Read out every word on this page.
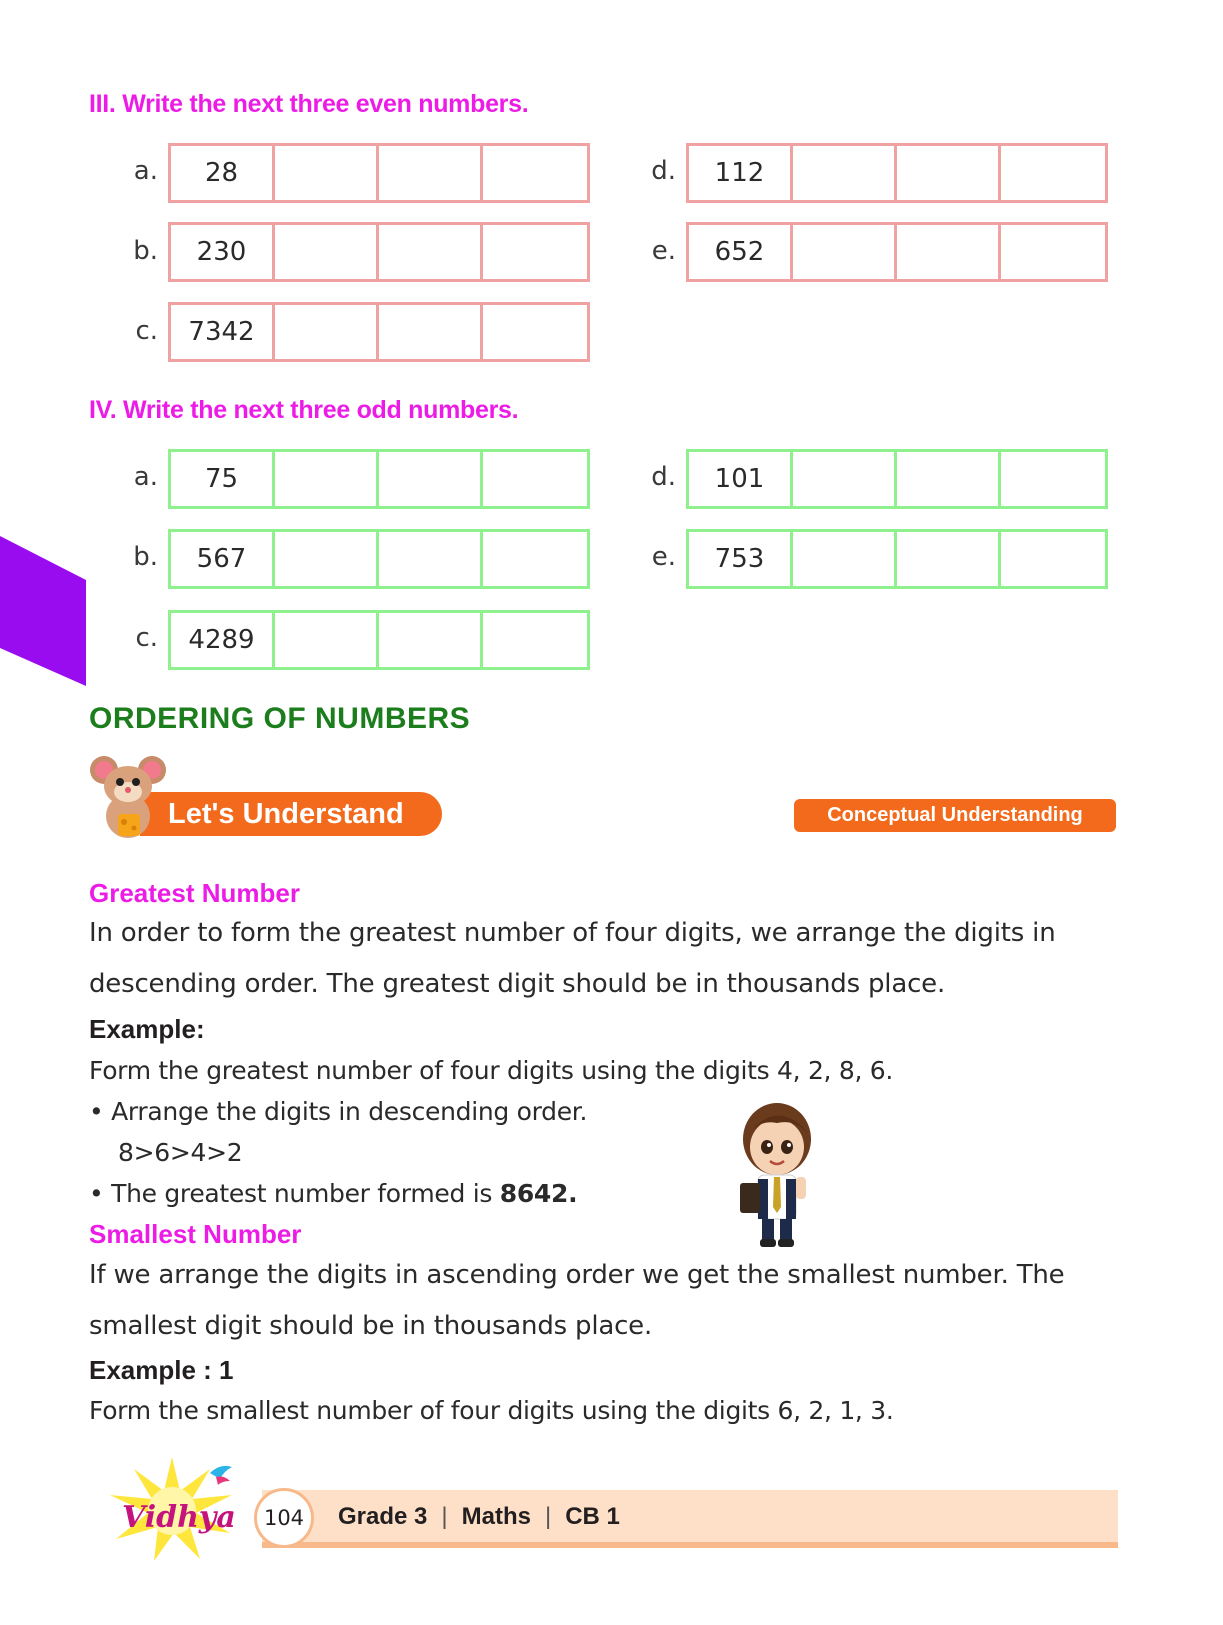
III. Write the next three even numbers.
a.	28
b.	230
c.	7342
d.	112
e.	652
IV. Write the next three odd numbers.
a.	75
b.	567
c.	4289
d.	101
e.	753
ORDERING OF NUMBERS
Let's Understand	Conceptual Understanding
Greatest Number
In order to form the greatest number of four digits, we arrange the digits in
descending order. The greatest digit should be in thousands place.
Example:
Form the greatest number of four digits using the digits 4, 2, 8, 6.
• Arrange the digits in descending order.
8>6>4>2
• The greatest number formed is 8642.
Smallest Number
If we arrange the digits in ascending order we get the smallest number. The
smallest digit should be in thousands place.
Example : 1
Form the smallest number of four digits using the digits 6, 2, 1, 3.
Vidhya 104 Grade 3 | Maths | CB 1
